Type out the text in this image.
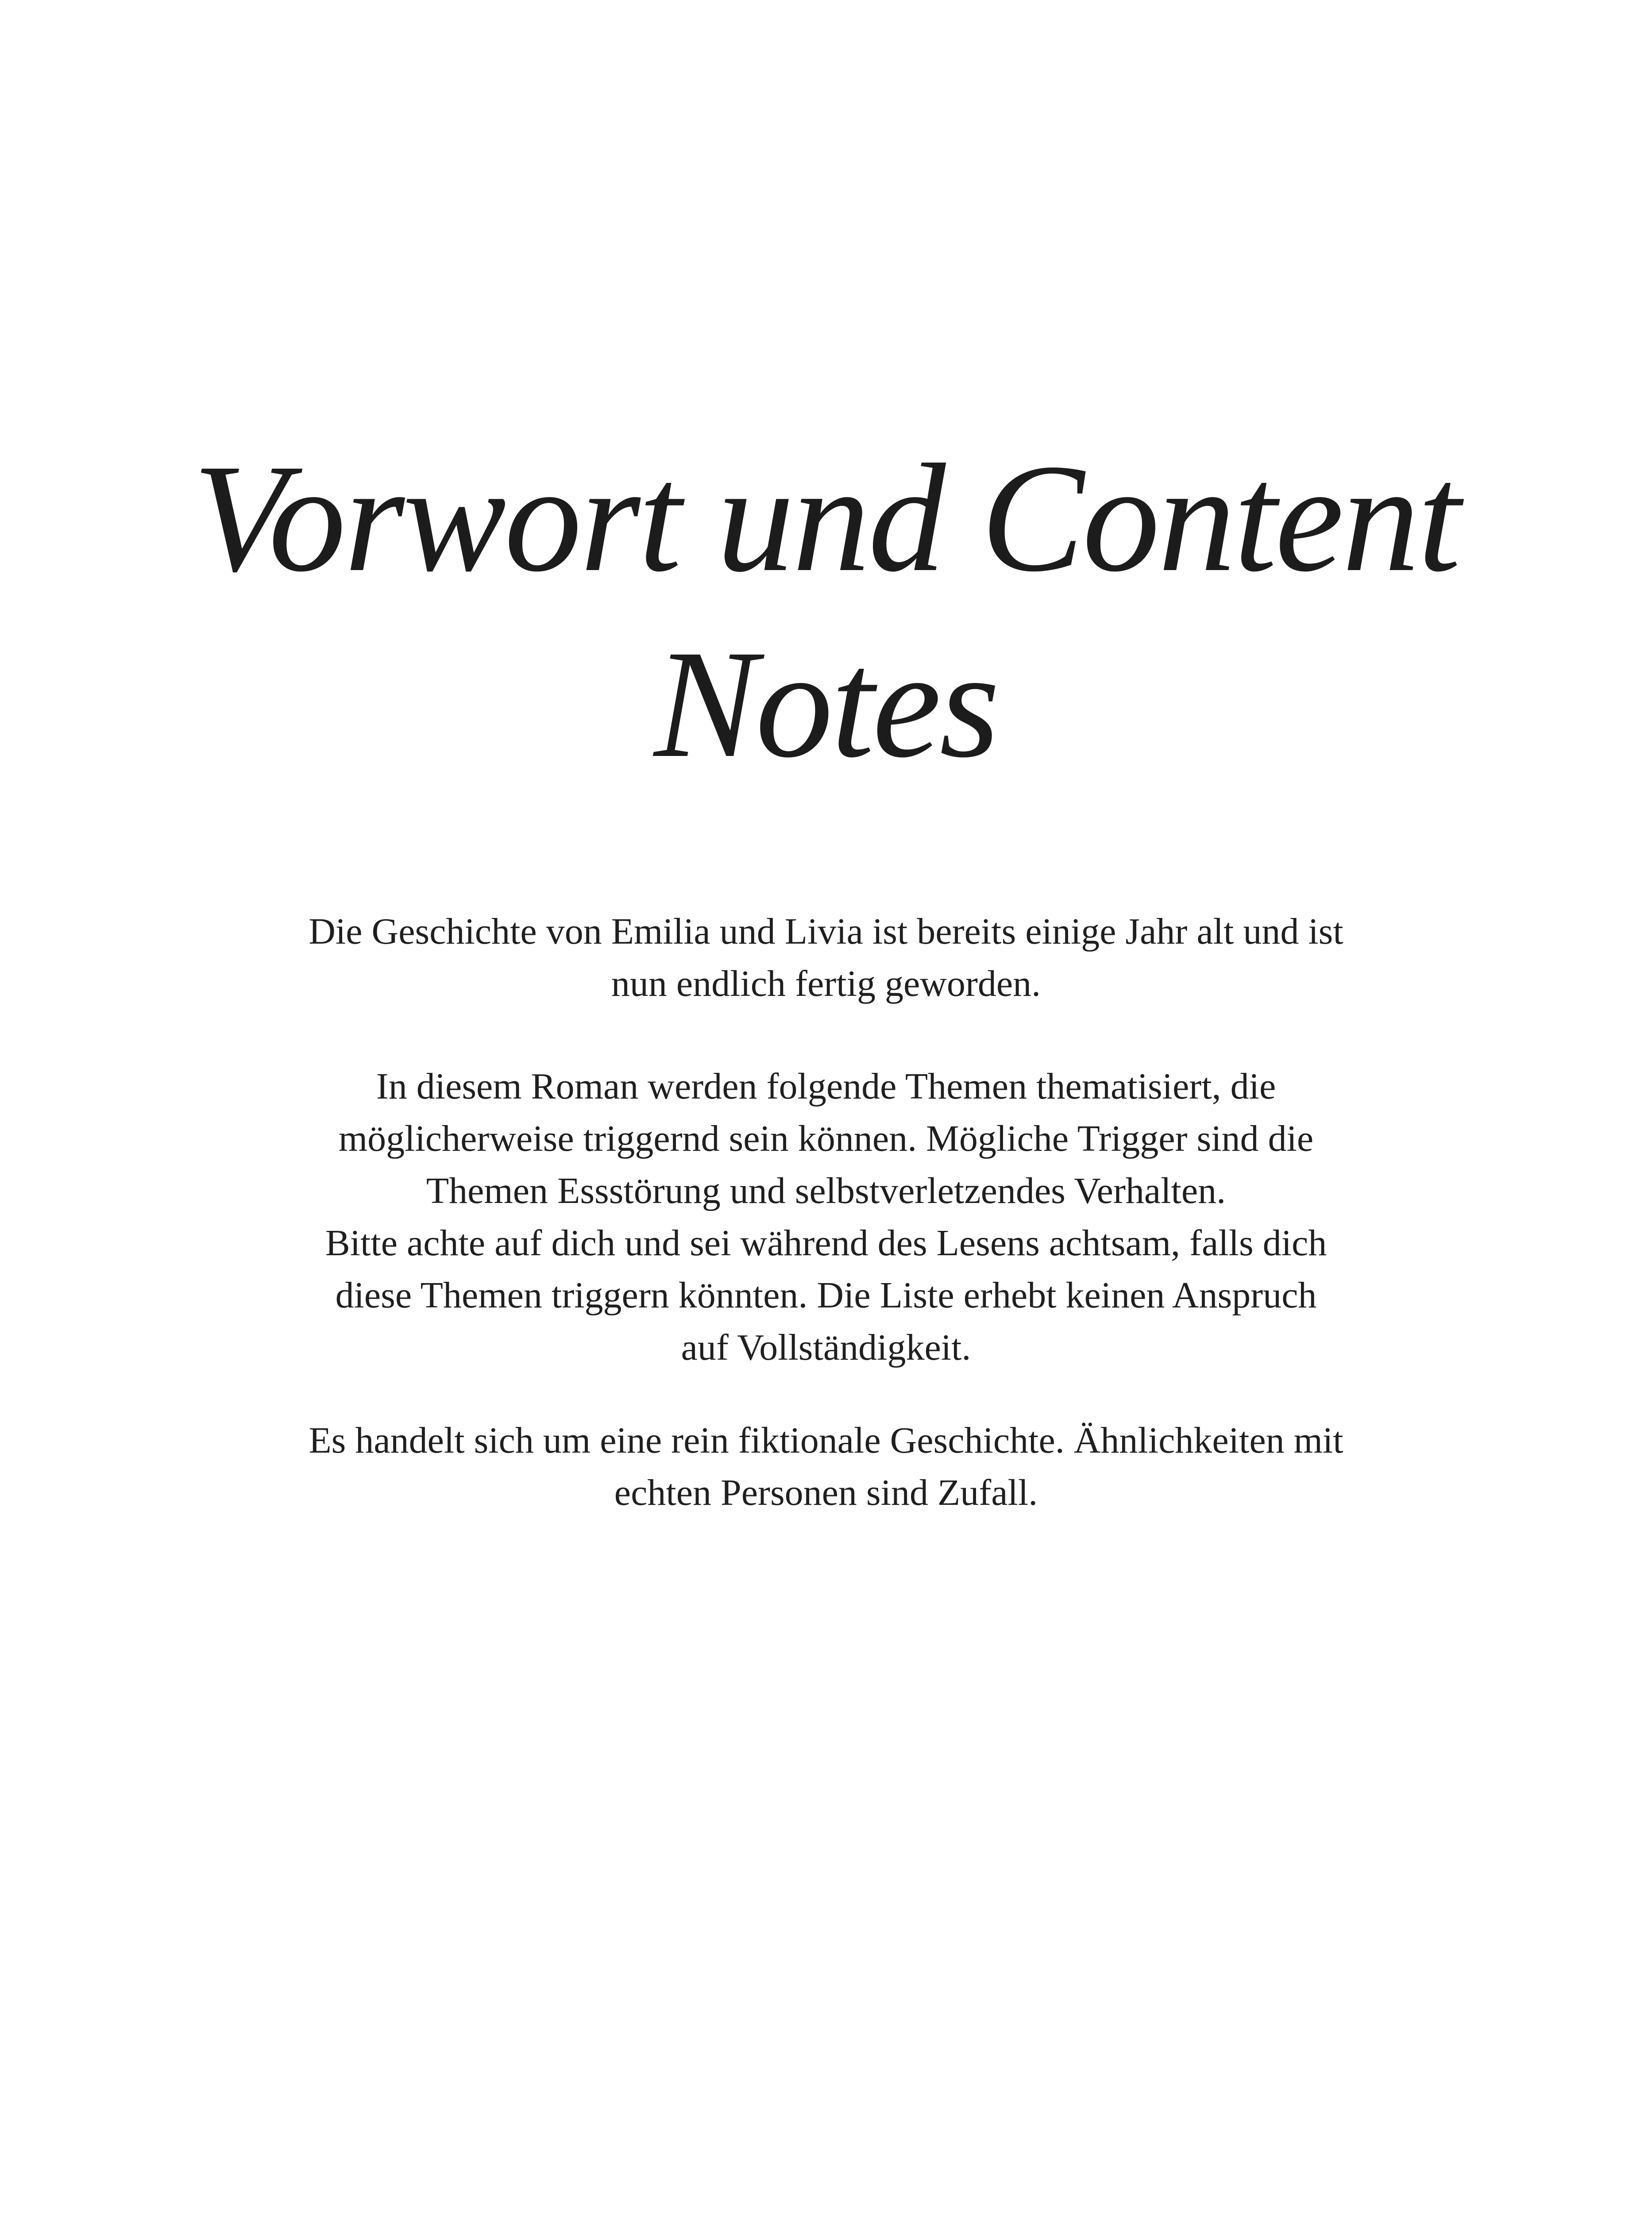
Vorwort und Content
Notes

Die Geschichte von Emilia und Livia ist bereits einige Jahr alt und ist
nun endlich fertig geworden.

In diesem Roman werden folgende Themen thematisiert, die
möglicherweise triggernd sein können. Mögliche Trigger sind die
Themen Essstörung und selbstverletzendes Verhalten.
Bitte achte auf dich und sei während des Lesens achtsam, falls dich
diese Themen triggern könnten. Die Liste erhebt keinen Anspruch
auf Vollständigkeit.

Es handelt sich um eine rein fiktionale Geschichte. Ähnlichkeiten mit
echten Personen sind Zufall.
